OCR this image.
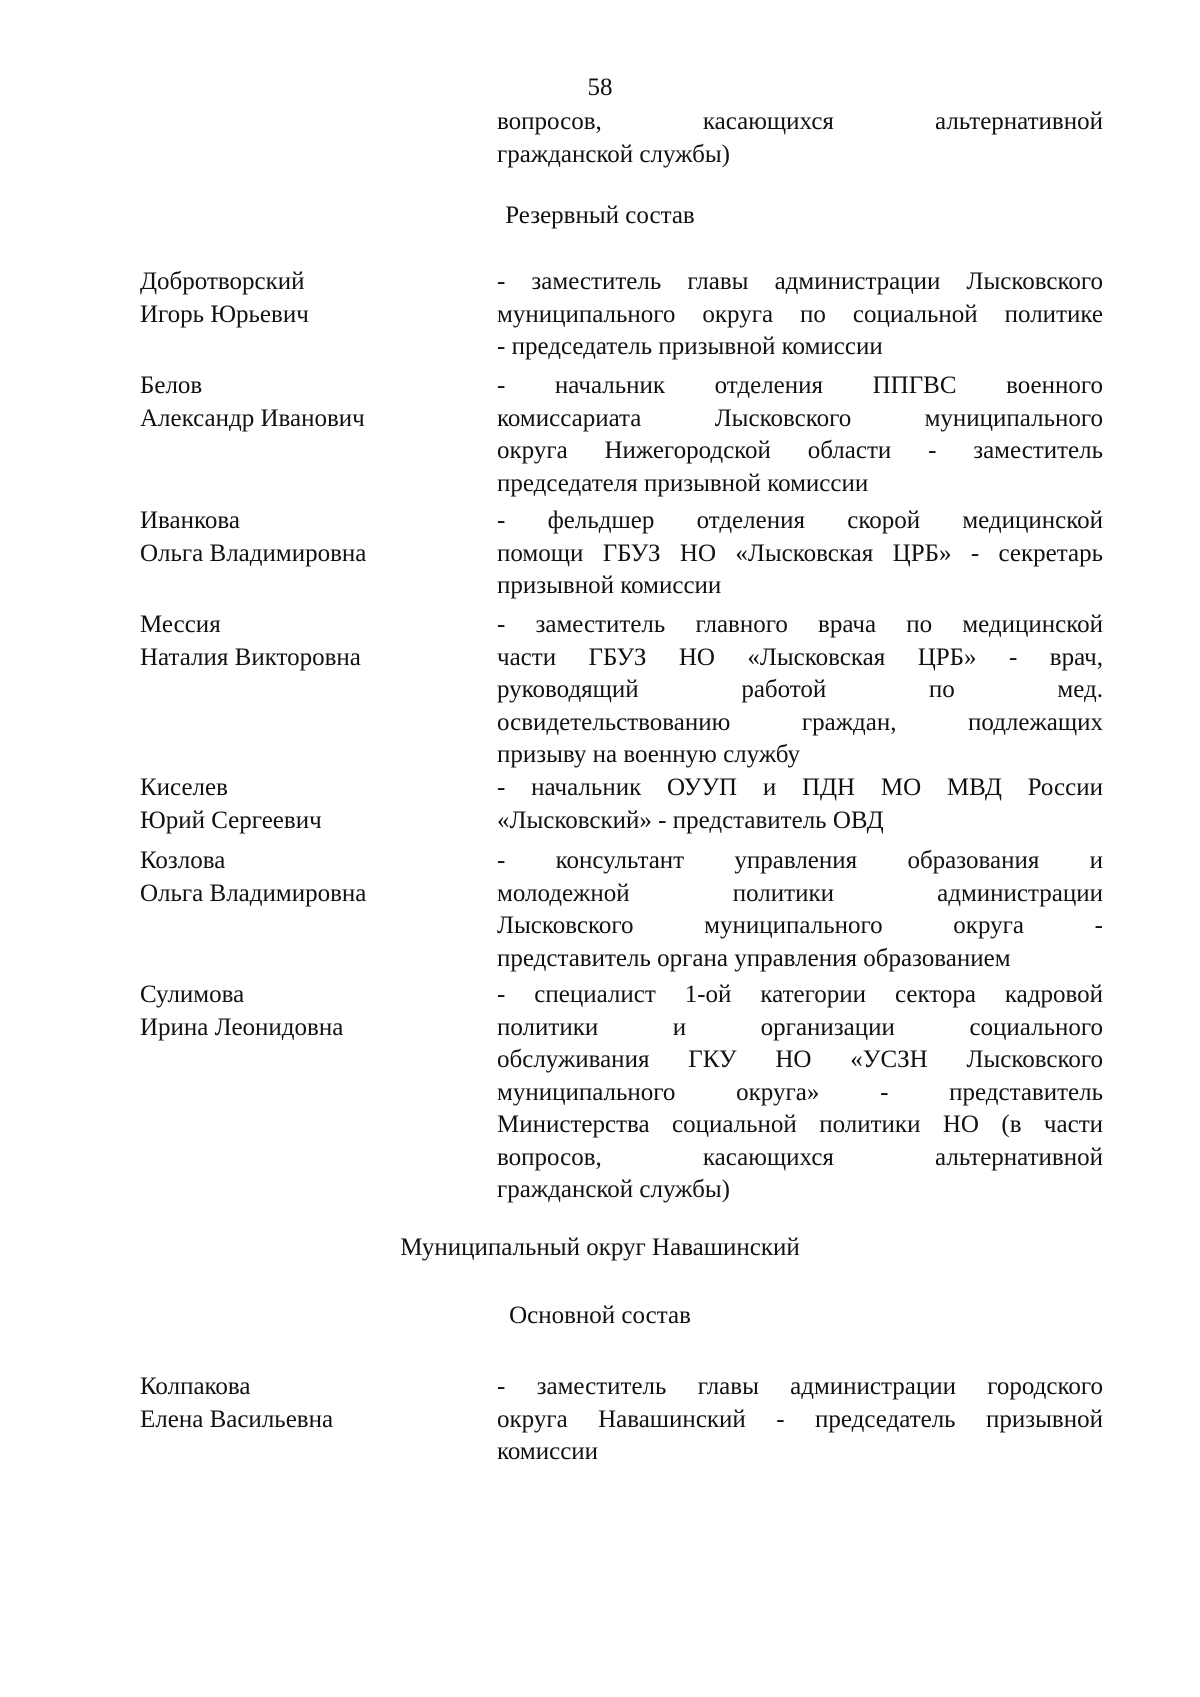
58
вопросов, касающихся альтернативной
гражданской службы)
Резервный состав
Добротворский
Игорь Юрьевич
- заместитель главы администрации Лысковского
муниципального округа по социальной политике
- председатель призывной комиссии
Белов
Александр Иванович
- начальник отделения ППГВС военного
комиссариата Лысковского муниципального
округа Нижегородской области - заместитель
председателя призывной комиссии
Иванкова
Ольга Владимировна
- фельдшер отделения скорой медицинской
помощи ГБУЗ НО «Лысковская ЦРБ» - секретарь
призывной комиссии
Мессия
Наталия Викторовна
- заместитель главного врача по медицинской
части ГБУЗ НО «Лысковская ЦРБ» - врач,
руководящий работой по мед.
освидетельствованию граждан, подлежащих
призыву на военную службу
Киселев
Юрий Сергеевич
- начальник ОУУП и ПДН МО МВД России
«Лысковский» - представитель ОВД
Козлова
Ольга Владимировна
- консультант управления образования и
молодежной политики администрации
Лысковского муниципального округа -
представитель органа управления образованием
Сулимова
Ирина Леонидовна
- специалист 1-ой категории сектора кадровой
политики и организации социального
обслуживания ГКУ НО «УСЗН Лысковского
муниципального округа» - представитель
Министерства социальной политики НО (в части
вопросов, касающихся альтернативной
гражданской службы)
Муниципальный округ Навашинский
Основной состав
Колпакова
Елена Васильевна
- заместитель главы администрации городского
округа Навашинский - председатель призывной
комиссии
